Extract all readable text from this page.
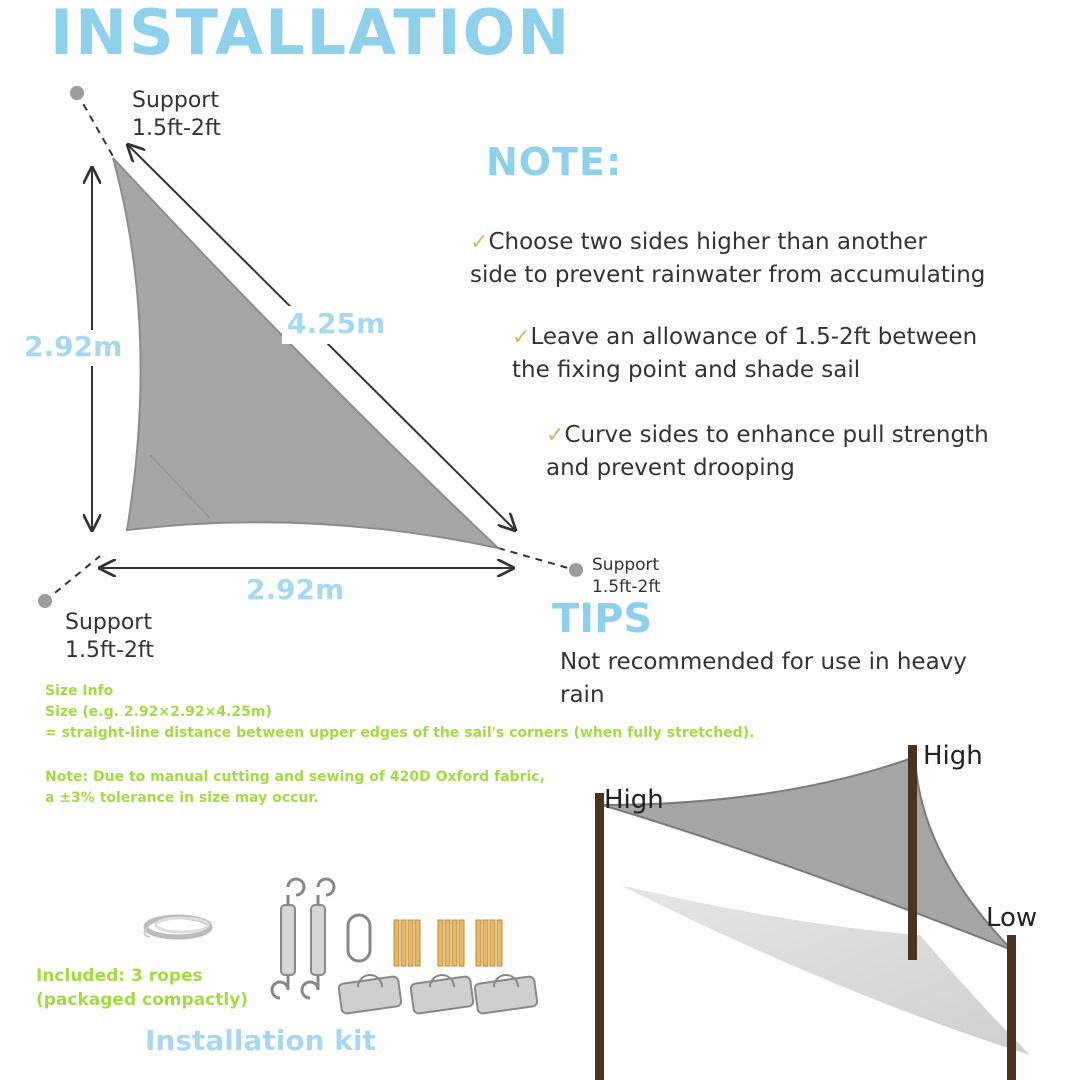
INSTALLATION
Support
1.5ft-2ft
Support
1.5ft-2ft
Support
1.5ft-2ft
2.92m
4.25m
2.92m
NOTE:
✓Choose two sides higher than another
side to prevent rainwater from accumulating
✓Leave an allowance of 1.5-2ft between
the fixing point and shade sail
✓Curve sides to enhance pull strength
and prevent drooping
TIPS
Not recommended for use in heavy
rain
Size Info
Size (e.g. 2.92×2.92×4.25m)
= straight-line distance between upper edges of the sail's corners (when fully stretched).
Note: Due to manual cutting and sewing of 420D Oxford fabric,
a ±3% tolerance in size may occur.
Included: 3 ropes
(packaged compactly)
Installation kit
High
High
Low
